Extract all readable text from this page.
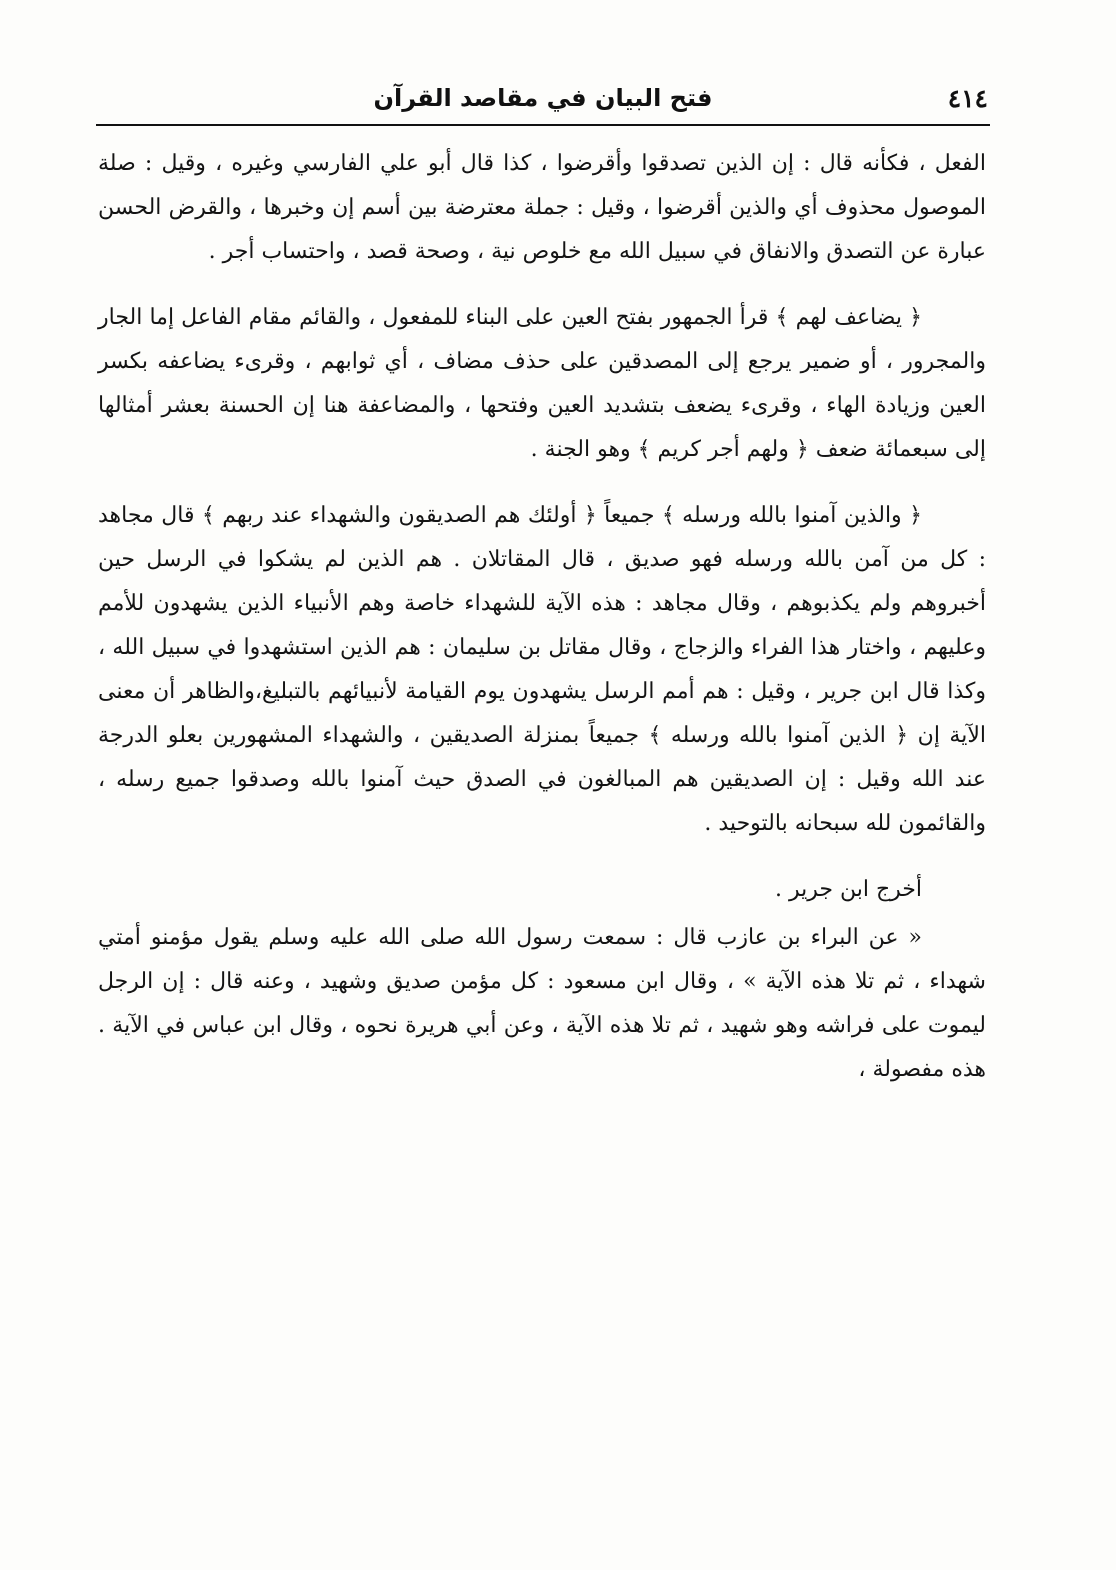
٤١٤
فتح البيان في مقاصد القرآن

الفعل ، فكأنه قال : إن الذين تصدقوا وأقرضوا ، كذا قال أبو علي الفارسي وغيره ، وقيل : صلة الموصول محذوف أي والذين أقرضوا ، وقيل : جملة معترضة بين أسم إن وخبرها ، والقرض الحسن عبارة عن التصدق والانفاق في سبيل الله مع خلوص نية ، وصحة قصد ، واحتساب أجر .

﴿ يضاعف لهم ﴾ قرأ الجمهور بفتح العين على البناء للمفعول ، والقائم مقام الفاعل إما الجار والمجرور ، أو ضمير يرجع إلى المصدقين على حذف مضاف ، أي ثوابهم ، وقرىء يضاعفه بكسر العين وزيادة الهاء ، وقرىء يضعف بتشديد العين وفتحها ، والمضاعفة هنا إن الحسنة بعشر أمثالها إلى سبعمائة ضعف ﴿ ولهم أجر كريم ﴾ وهو الجنة .

﴿ والذين آمنوا بالله ورسله ﴾ جميعاً ﴿ أولئك هم الصديقون والشهداء عند ربهم ﴾ قال مجاهد : كل من آمن بالله ورسله فهو صديق ، قال المقاتلان . هم الذين لم يشكوا في الرسل حين أخبروهم ولم يكذبوهم ، وقال مجاهد : هذه الآية للشهداء خاصة وهم الأنبياء الذين يشهدون للأمم وعليهم ، واختار هذا الفراء والزجاج ، وقال مقاتل بن سليمان : هم الذين استشهدوا في سبيل الله ، وكذا قال ابن جرير ، وقيل : هم أمم الرسل يشهدون يوم القيامة لأنبيائهم بالتبليغ،والظاهر أن معنى الآية إن ﴿ الذين آمنوا بالله ورسله ﴾ جميعاً بمنزلة الصديقين ، والشهداء المشهورين بعلو الدرجة عند الله وقيل : إن الصديقين هم المبالغون في الصدق حيث آمنوا بالله وصدقوا جميع رسله ، والقائمون لله سبحانه بالتوحيد .

أخرج ابن جرير .

« عن البراء بن عازب قال : سمعت رسول الله صلى الله عليه وسلم يقول مؤمنو أمتي شهداء ، ثم تلا هذه الآية » ، وقال ابن مسعود : كل مؤمن صديق وشهيد ، وعنه قال : إن الرجل ليموت على فراشه وهو شهيد ، ثم تلا هذه الآية ، وعن أبي هريرة نحوه ، وقال ابن عباس في الآية . هذه مفصولة ،
